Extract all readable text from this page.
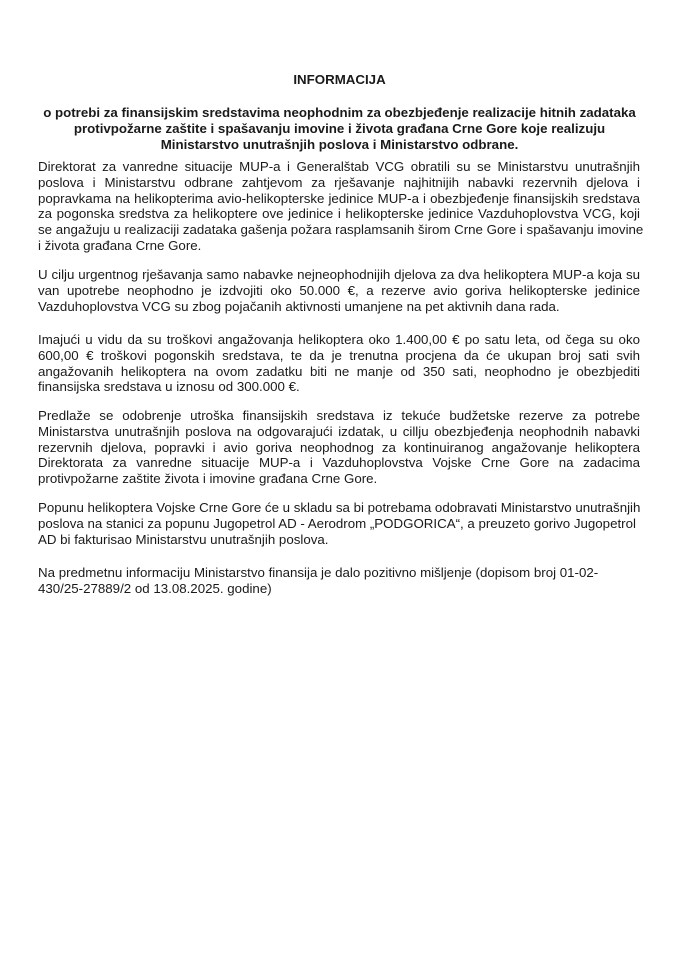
INFORMACIJA
o potrebi za finansijskim sredstavima neophodnim za obezbjeđenje realizacije hitnih zadataka
protivpožarne zaštite i spašavanju imovine i života građana Crne Gore koje realizuju
Ministarstvo unutrašnjih poslova i Ministarstvo odbrane.
Direktorat za vanredne situacije MUP-a i Generalštab VCG obratili su se Ministarstvu unutrašnjih
poslova i Ministarstvu odbrane zahtjevom za rješavanje najhitnijih nabavki rezervnih djelova i
popravkama na helikopterima avio-helikopterske jedinice MUP-a i obezbjeđenje finansijskih sredstava
za pogonska sredstva za helikoptere ove jedinice i helikopterske jedinice Vazduhoplovstva VCG, koji
se angažuju u realizaciji zadataka gašenja požara rasplamsanih širom Crne Gore i spašavanju imovine
i života građana Crne Gore.
U cilju urgentnog rješavanja samo nabavke nejneophodnijih djelova za dva helikoptera MUP-a koja su
van upotrebe neophodno je izdvojiti oko 50.000 €, a rezerve avio goriva helikopterske jedinice
Vazduhoplovstva VCG su zbog pojačanih aktivnosti umanjene na pet aktivnih dana rada.
Imajući u vidu da su troškovi angažovanja helikoptera oko 1.400,00 € po satu leta, od čega su oko
600,00 € troškovi pogonskih sredstava, te da je trenutna procjena da će ukupan broj sati svih
angažovanih helikoptera na ovom zadatku biti ne manje od 350 sati, neophodno je obezbjediti
finansijska sredstava u iznosu od 300.000 €.
Predlaže se odobrenje utroška finansijskih sredstava iz tekuće budžetske rezerve za potrebe
Ministarstva unutrašnjih poslova na odgovarajući izdatak, u cillju obezbjeđenja neophodnih nabavki
rezervnih djelova, popravki i avio goriva neophodnog za kontinuiranog angažovanje helikoptera
Direktorata za vanredne situacije MUP-a i Vazduhoplovstva Vojske Crne Gore na zadacima
protivpožarne zaštite života i imovine građana Crne Gore.
Popunu helikoptera Vojske Crne Gore će u skladu sa bi potrebama odobravati Ministarstvo unutrašnjih
poslova na stanici za popunu Jugopetrol AD - Aerodrom „PODGORICA“, a preuzeto gorivo Jugopetrol
AD bi fakturisao Ministarstvu unutrašnjih poslova.
Na predmetnu informaciju Ministarstvo finansija je dalo pozitivno mišljenje (dopisom broj 01-02-
430/25-27889/2 od 13.08.2025. godine)
